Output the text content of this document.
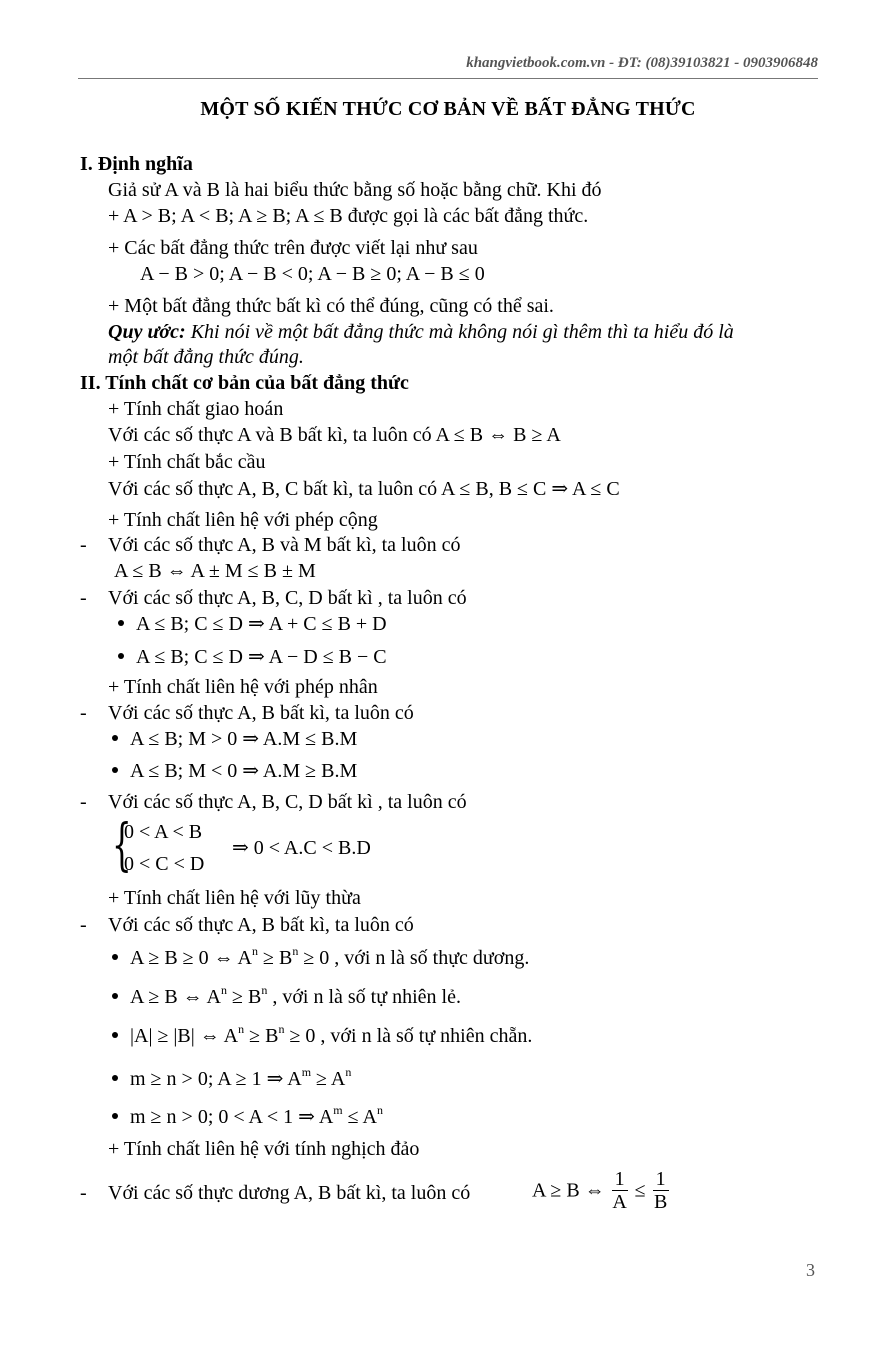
khangvietbook.com.vn - ĐT: (08)39103821 - 0903906848
MỘT SỐ KIẾN THỨC CƠ BẢN VỀ BẤT ĐẲNG THỨC
I. Định nghĩa
Giả sử A và B là hai biểu thức bằng số hoặc bằng chữ. Khi đó
+ A > B; A < B; A ≥ B; A ≤ B được gọi là các bất đẳng thức.
+ Các bất đẳng thức trên được viết lại như sau
A − B > 0; A − B < 0; A − B ≥ 0; A − B ≤ 0
+ Một bất đẳng thức bất kì có thể đúng, cũng có thể sai.
Quy ước: Khi nói về một bất đẳng thức mà không nói gì thêm thì ta hiểu đó là
một bất đẳng thức đúng.
II. Tính chất cơ bản của bất đẳng thức
+ Tính chất giao hoán
Với các số thực A và B bất kì, ta luôn có A ≤ B ⇔ B ≥ A
+ Tính chất bắc cầu
Với các số thực A, B, C bất kì, ta luôn có A ≤ B, B ≤ C ⇒ A ≤ C
+ Tính chất liên hệ với phép cộng
- Với các số thực A, B và M bất kì, ta luôn có
A ≤ B ⇔ A ± M ≤ B ± M
- Với các số thực A, B, C, D bất kì , ta luôn có
A ≤ B; C ≤ D ⇒ A + C ≤ B + D
A ≤ B; C ≤ D ⇒ A − D ≤ B − C
+ Tính chất liên hệ với phép nhân
- Với các số thực A, B bất kì, ta luôn có
A ≤ B; M > 0 ⇒ A.M ≤ B.M
A ≤ B; M < 0 ⇒ A.M ≥ B.M
- Với các số thực A, B, C, D bất kì , ta luôn có
{
0 < A < B
0 < C < D
⇒ 0 < A.C < B.D
+ Tính chất liên hệ với lũy thừa
- Với các số thực A, B bất kì, ta luôn có
A ≥ B ≥ 0 ⇔ $A^n \ge B^n \ge 0$ , với n là số thực dương.
A ≥ B ⇔ $A^n \ge B^n$ , với n là số tự nhiên lẻ.
|A| ≥ |B| ⇔ $A^n \ge B^n \ge 0$ , với n là số tự nhiên chẵn.
m ≥ n > 0; A ≥ 1 ⇒ $A^m \ge A^n$
m ≥ n > 0; 0 < A < 1 ⇒ $A^m \le A^n$
+ Tính chất liên hệ với tính nghịch đảo
- Với các số thực dương A, B bất kì, ta luôn có	A ≥ B ⇔ $\frac{1}{A} \le \frac{1}{B}$
3
